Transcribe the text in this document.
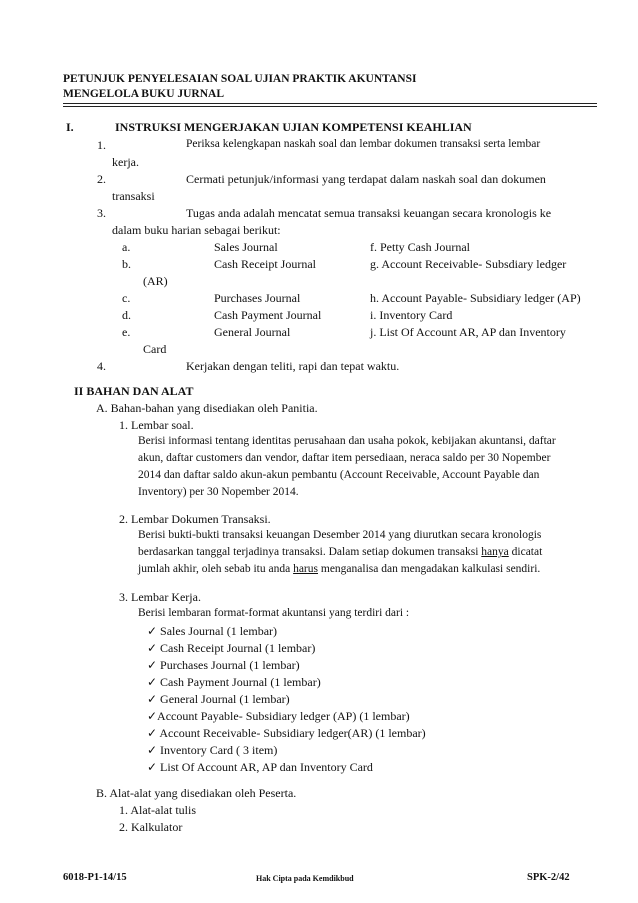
PETUNJUK PENYELESAIAN SOAL UJIAN PRAKTIK AKUNTANSI
MENGELOLA BUKU JURNAL
I.	INSTRUKSI MENGERJAKAN UJIAN KOMPETENSI KEAHLIAN
1.	Periksa kelengkapan naskah soal dan lembar dokumen transaksi serta lembar
kerja.
2.	Cermati petunjuk/informasi yang terdapat dalam naskah soal dan dokumen
transaksi
3.	Tugas anda adalah mencatat semua transaksi keuangan secara kronologis ke
dalam buku harian sebagai berikut:
a.	Sales Journal	f. Petty Cash Journal
b.	Cash Receipt Journal	g. Account Receivable- Subsdiary ledger
(AR)
c.	Purchases Journal	h. Account Payable- Subsidiary ledger (AP)
d.	Cash Payment Journal	i. Inventory Card
e.	General Journal	j. List Of Account AR, AP dan Inventory
Card
4.	Kerjakan dengan teliti, rapi dan tepat waktu.
II BAHAN DAN ALAT
A. Bahan-bahan yang disediakan oleh Panitia.
1. Lembar soal.
Berisi informasi tentang identitas perusahaan dan usaha pokok, kebijakan akuntansi, daftar
akun, daftar customers dan vendor, daftar item persediaan, neraca saldo per 30 Nopember
2014 dan daftar saldo akun-akun pembantu (Account Receivable, Account Payable dan
Inventory) per 30 Nopember 2014.
2. Lembar Dokumen Transaksi.
Berisi bukti-bukti transaksi keuangan Desember 2014 yang diurutkan secara kronologis
berdasarkan tanggal terjadinya transaksi. Dalam setiap dokumen transaksi hanya dicatat
jumlah akhir, oleh sebab itu anda harus menganalisa dan mengadakan kalkulasi sendiri.
3. Lembar Kerja.
Berisi lembaran format-format akuntansi yang terdiri dari :
✓ Sales Journal (1 lembar)
✓ Cash Receipt Journal (1 lembar)
✓ Purchases Journal (1 lembar)
✓ Cash Payment Journal (1 lembar)
✓ General Journal (1 lembar)
✓Account Payable- Subsidiary ledger (AP) (1 lembar)
✓ Account Receivable- Subsidiary ledger(AR) (1 lembar)
✓ Inventory Card ( 3 item)
✓ List Of Account AR, AP dan Inventory Card
B. Alat-alat yang disediakan oleh Peserta.
1. Alat-alat tulis
2. Kalkulator
6018-P1-14/15	Hak Cipta pada Kemdikbud	SPK-2/42
